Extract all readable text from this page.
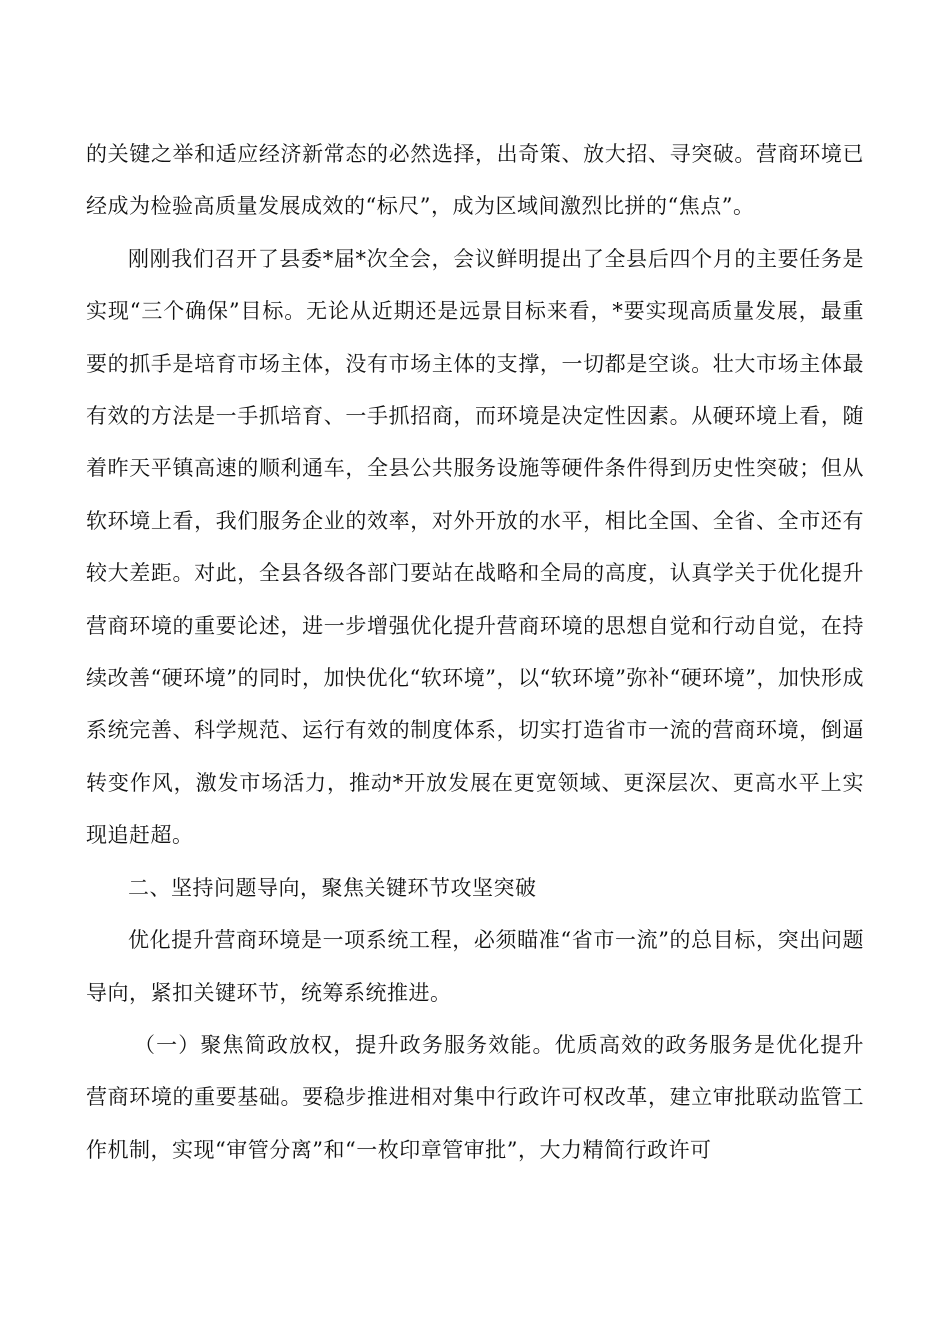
的关键之举和适应经济新常态的必然选择，出奇策、放大招、寻突破。营商环境已经成为检验高质量发展成效的“标尺”，成为区域间激烈比拼的“焦点”。

刚刚我们召开了县委*届*次全会，会议鲜明提出了全县后四个月的主要任务是实现“三个确保”目标。无论从近期还是远景目标来看，*要实现高质量发展，最重要的抓手是培育市场主体，没有市场主体的支撑，一切都是空谈。壮大市场主体最有效的方法是一手抓培育、一手抓招商，而环境是决定性因素。从硬环境上看，随着昨天平镇高速的顺利通车，全县公共服务设施等硬件条件得到历史性突破；但从软环境上看，我们服务企业的效率，对外开放的水平，相比全国、全省、全市还有较大差距。对此，全县各级各部门要站在战略和全局的高度，认真学关于优化提升营商环境的重要论述，进一步增强优化提升营商环境的思想自觉和行动自觉，在持续改善“硬环境”的同时，加快优化“软环境”，以“软环境”弥补“硬环境”，加快形成系统完善、科学规范、运行有效的制度体系，切实打造省市一流的营商环境，倒逼转变作风，激发市场活力，推动*开放发展在更宽领域、更深层次、更高水平上实现追赶超。

二、坚持问题导向，聚焦关键环节攻坚突破

优化提升营商环境是一项系统工程，必须瞄准“省市一流”的总目标，突出问题导向，紧扣关键环节，统筹系统推进。

（一）聚焦简政放权，提升政务服务效能。优质高效的政务服务是优化提升营商环境的重要基础。要稳步推进相对集中行政许可权改革，建立审批联动监管工作机制，实现“审管分离”和“一枚印章管审批”，大力精简行政许可
